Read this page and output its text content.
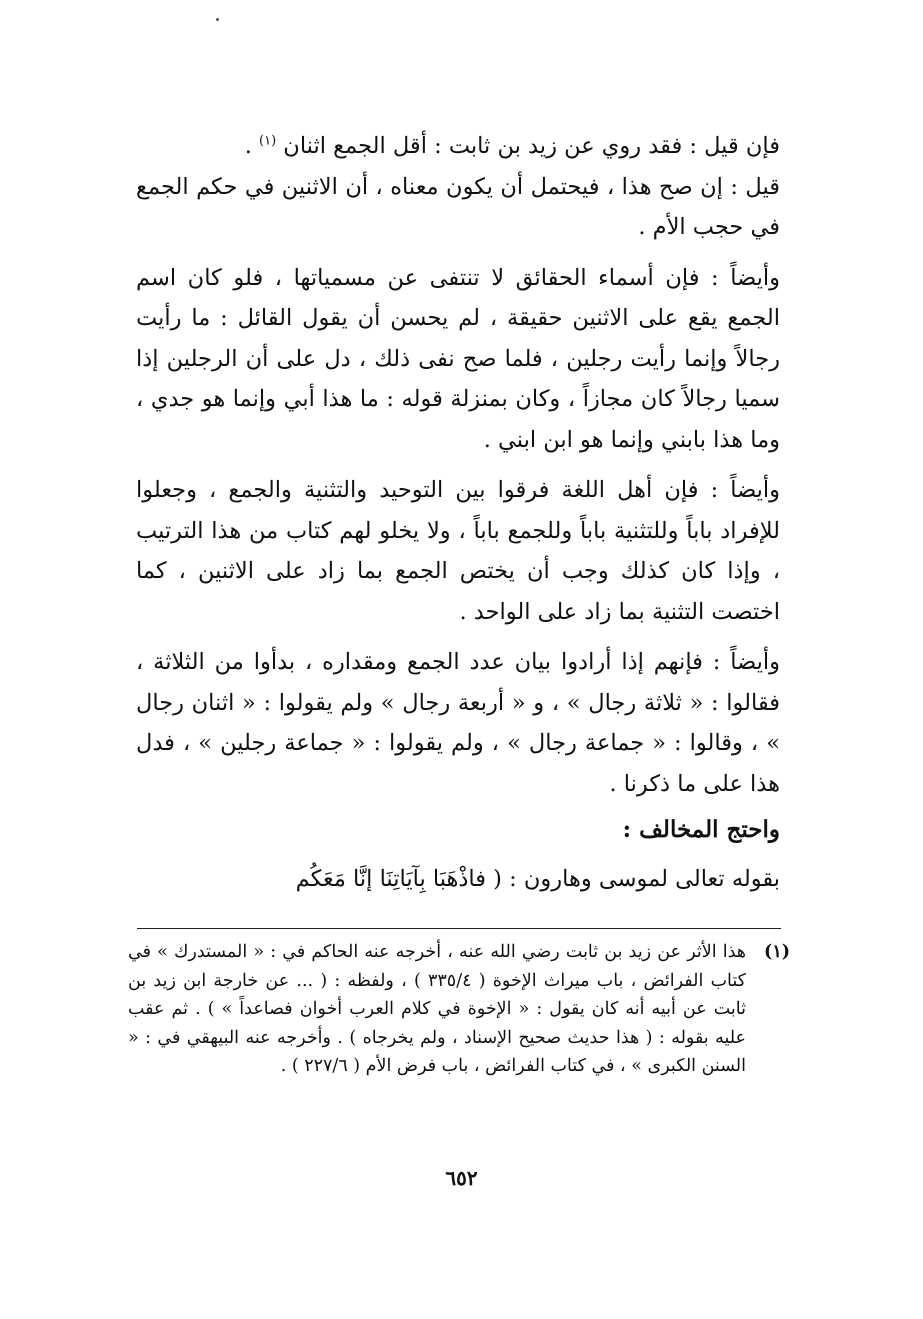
فإن قيل : فقد روي عن زيد بن ثابت : أقل الجمع اثنان $^{(١)}$ .

قيل : إن صح هذا ، فيحتمل أن يكون معناه ، أن الاثنين في حكم الجمع في حجب الأم .

وأيضاً : فإن أسماء الحقائق لا تنتفى عن مسمياتها ، فلو كان اسم الجمع يقع على الاثنين حقيقة ، لم يحسن أن يقول القائل : ما رأيت رجالاً وإنما رأيت رجلين ، فلما صح نفى ذلك ، دل على أن الرجلين إذا سميا رجالاً كان مجازاً ، وكان بمنزلة قوله : ما هذا أبي وإنما هو جدي ، وما هذا بابني وإنما هو ابن ابني .

وأيضاً : فإن أهل اللغة فرقوا بين التوحيد والتثنية والجمع ، وجعلوا للإفراد باباً وللتثنية باباً وللجمع باباً ، ولا يخلو لهم كتاب من هذا الترتيب ، وإذا كان كذلك وجب أن يختص الجمع بما زاد على الاثنين ، كما اختصت التثنية بما زاد على الواحد .

وأيضاً : فإنهم إذا أرادوا بيان عدد الجمع ومقداره ، بدأوا من الثلاثة ، فقالوا : « ثلاثة رجال » ، و « أربعة رجال » ولم يقولوا : « اثنان رجال » ، وقالوا : « جماعة رجال » ، ولم يقولوا : « جماعة رجلين » ، فدل هذا على ما ذكرنا .

واحتج المخالف :

بقوله تعالى لموسى وهارون : ( فاذْهَبَا بِآيَاتِنَا إنَّا مَعَكُم

(١)
هذا الأثر عن زيد بن ثابت رضي الله عنه ، أخرجه عنه الحاكم في : « المستدرك » في كتاب الفرائض ، باب ميراث الإخوة ( ٣٣٥/٤ ) ، ولفظه : ( ... عن خارجة ابن زيد بن ثابت عن أبيه أنه كان يقول : « الإخوة في كلام العرب أخوان فصاعداً » ) . ثم عقب عليه بقوله : ( هذا حديث صحيح الإسناد ، ولم يخرجاه ) . وأخرجه عنه البيهقي في : « السنن الكبرى » ، في كتاب الفرائض ، باب فرض الأم ( ٢٢٧/٦ ) .
٦٥٢
